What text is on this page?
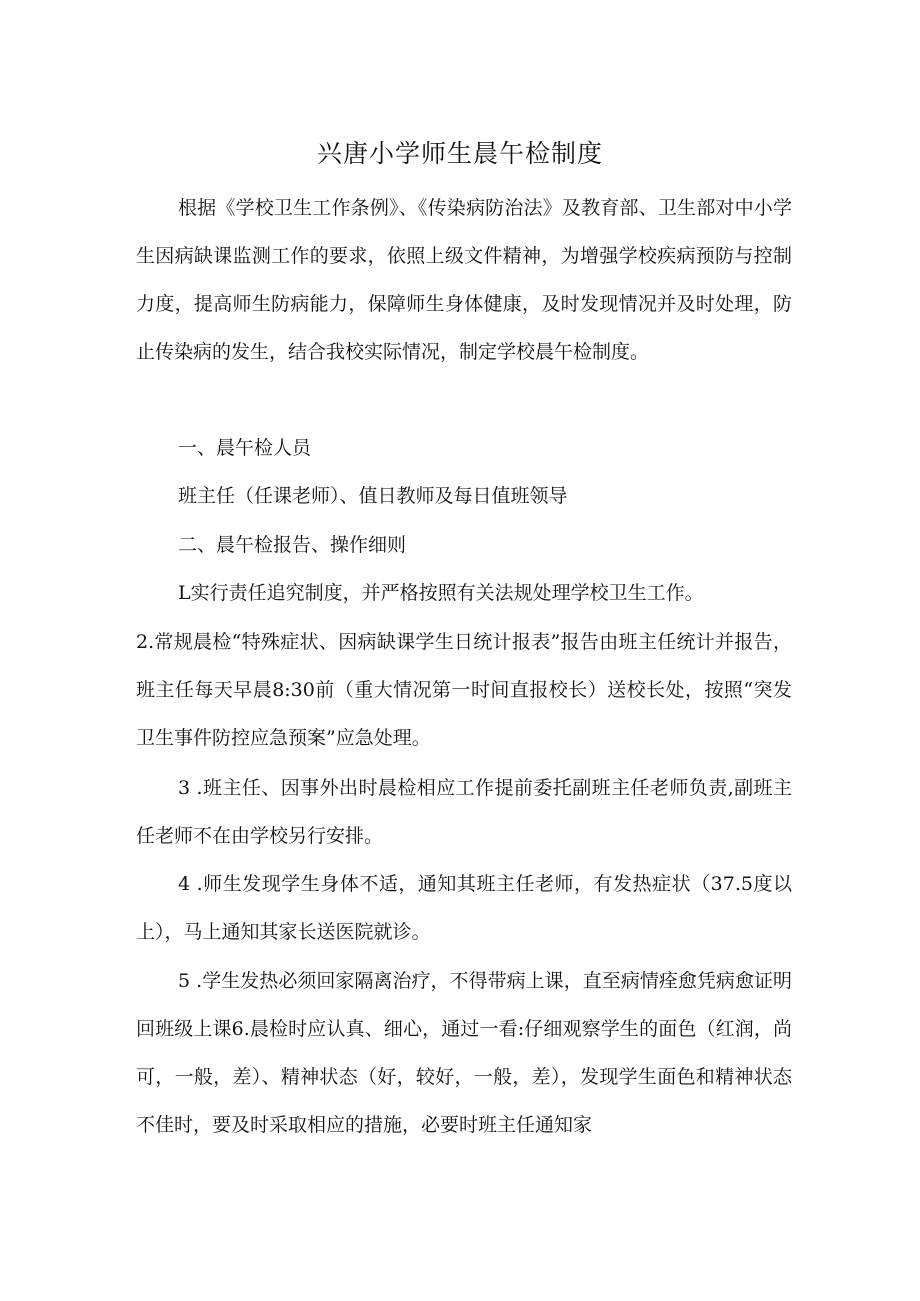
兴唐小学师生晨午检制度

根据《学校卫生工作条例》、《传染病防治法》及教育部、卫生部对中小学生因病缺课监测工作的要求，依照上级文件精神，为增强学校疾病预防与控制力度，提高师生防病能力，保障师生身体健康，及时发现情况并及时处理，防止传染病的发生，结合我校实际情况，制定学校晨午检制度。

一、晨午检人员

班主任（任课老师）、值日教师及每日值班领导

二、晨午检报告、操作细则

L实行责任追究制度，并严格按照有关法规处理学校卫生工作。

2.常规晨检“特殊症状、因病缺课学生日统计报表”报告由班主任统计并报告，班主任每天早晨8:30前（重大情况第一时间直报校长）送校长处，按照“突发卫生事件防控应急预案”应急处理。

3 .班主任、因事外出时晨检相应工作提前委托副班主任老师负责,副班主任老师不在由学校另行安排。

4 .师生发现学生身体不适，通知其班主任老师，有发热症状（37.5度以上），马上通知其家长送医院就诊。

5 .学生发热必须回家隔离治疗，不得带病上课，直至病情痊愈凭病愈证明回班级上课6.晨检时应认真、细心，通过一看:仔细观察学生的面色（红润，尚可，一般，差）、精神状态（好，较好，一般，差），发现学生面色和精神状态不佳时，要及时采取相应的措施，必要时班主任通知家
